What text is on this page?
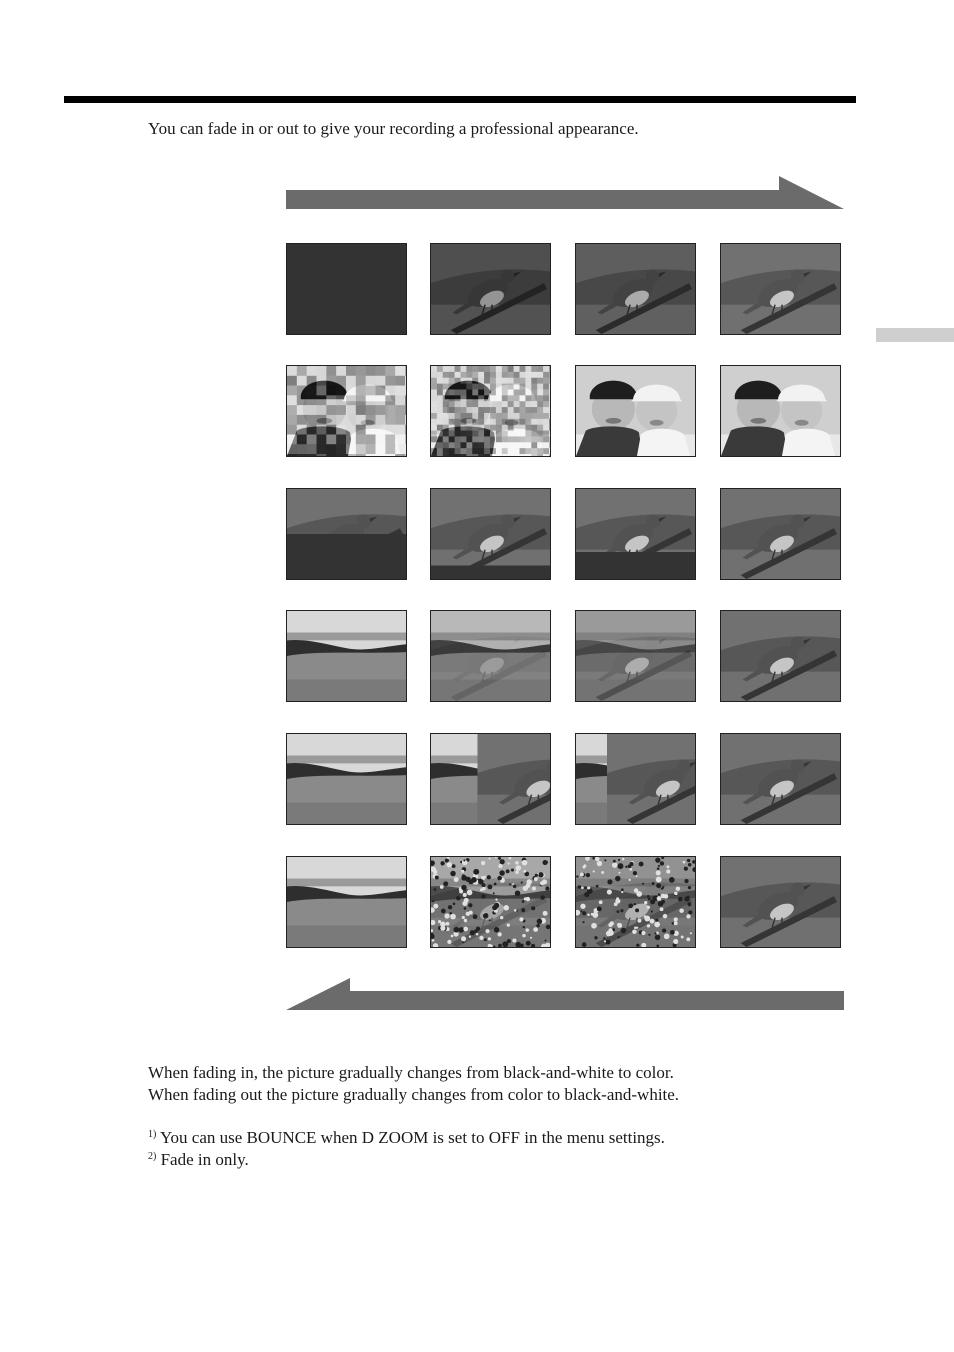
You can fade in or out to give your recording a professional appearance.

When fading in, the picture gradually changes from black-and-white to color.

When fading out the picture gradually changes from color to black-and-white.

$^{1)}$ You can use BOUNCE when D ZOOM is set to OFF in the menu settings.

$^{2)}$ Fade in only.
